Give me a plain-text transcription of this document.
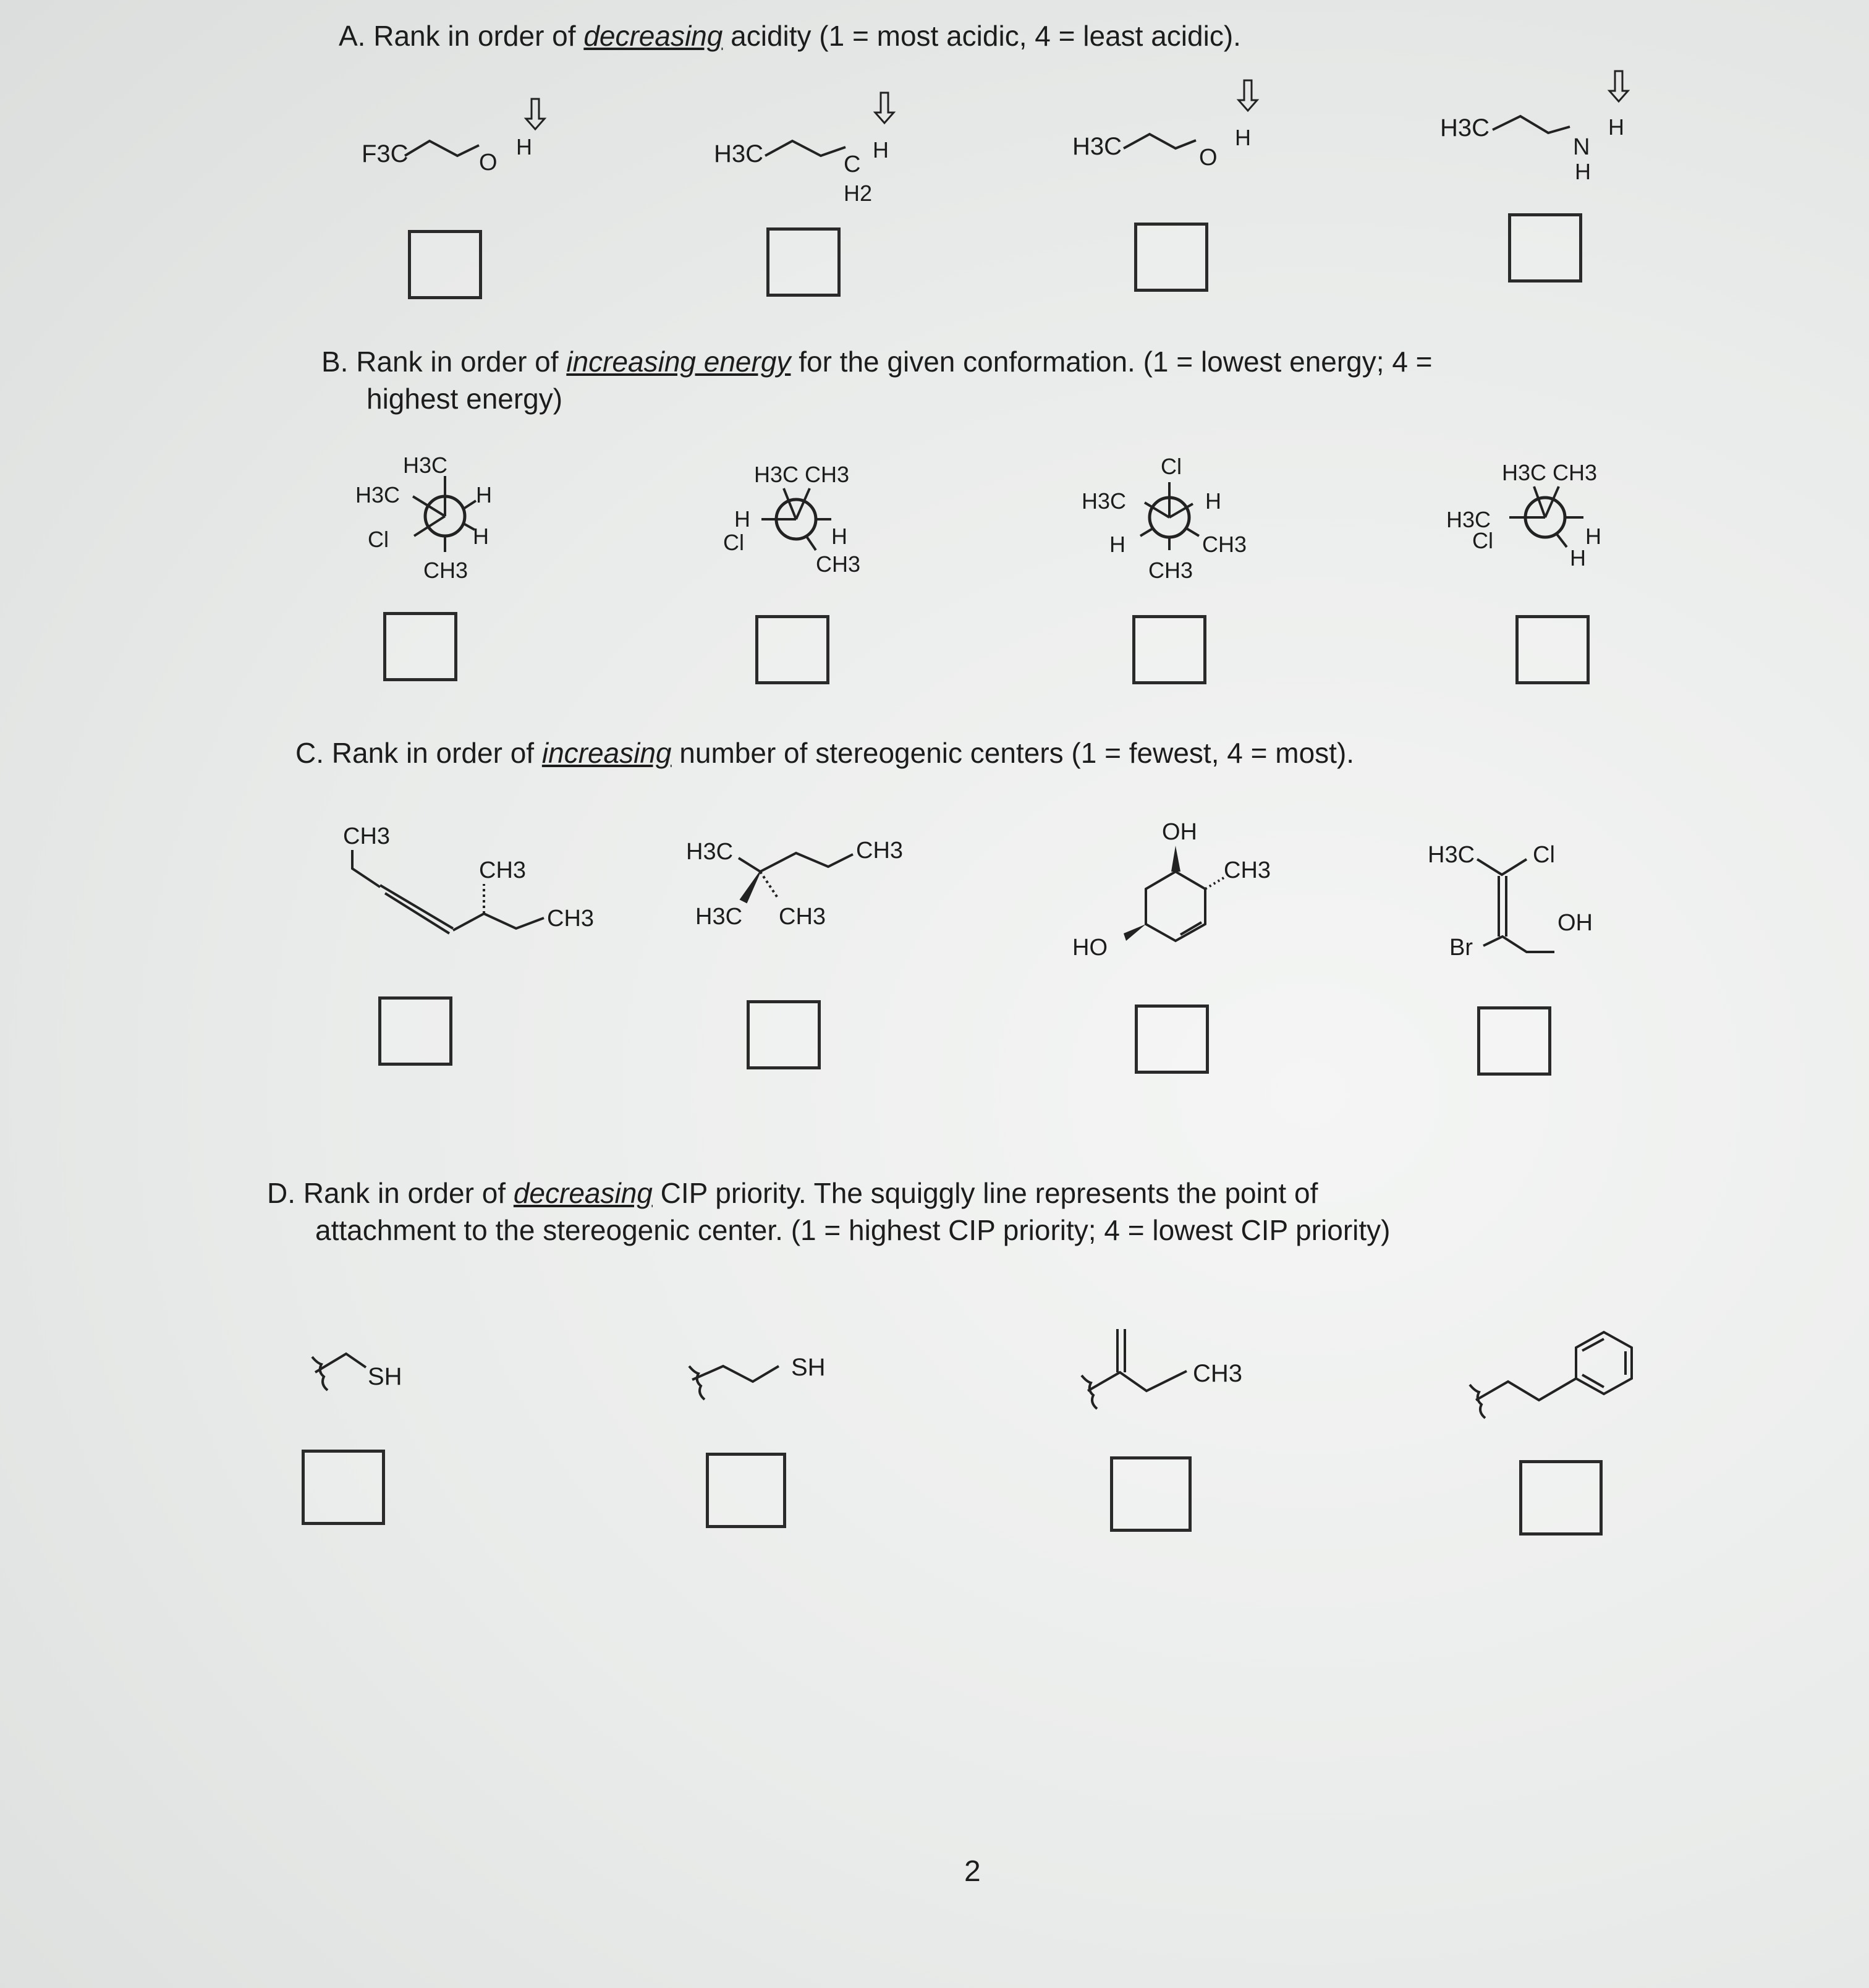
A. Rank in order of decreasing acidity (1 = most acidic, 4 = least acidic).
F3C	O
H	H3C	C
H
H2
H3C	O
H	H3C
N
H
H
B. Rank in order of increasing energy for the given conformation. (1 = lowest energy; 4 =
highest energy)
H3C
H3C	H
Cl	H
CH3
H3C CH3
H
Cl	H
CH3
Cl
H3C	H
H	CH3
CH3
H3C CH3
H3C
Cl	H
H
C. Rank in order of increasing number of stereogenic centers (1 = fewest, 4 = most).
CH3
CH3
CH3
H3C	CH3
H3C CH3
OH
CH3
HO
H3C Cl
OH
Br
D. Rank in order of decreasing CIP priority. The squiggly line represents the point of
attachment to the stereogenic center. (1 = highest CIP priority; 4 = lowest CIP priority)
SH	SH	CH3
2
